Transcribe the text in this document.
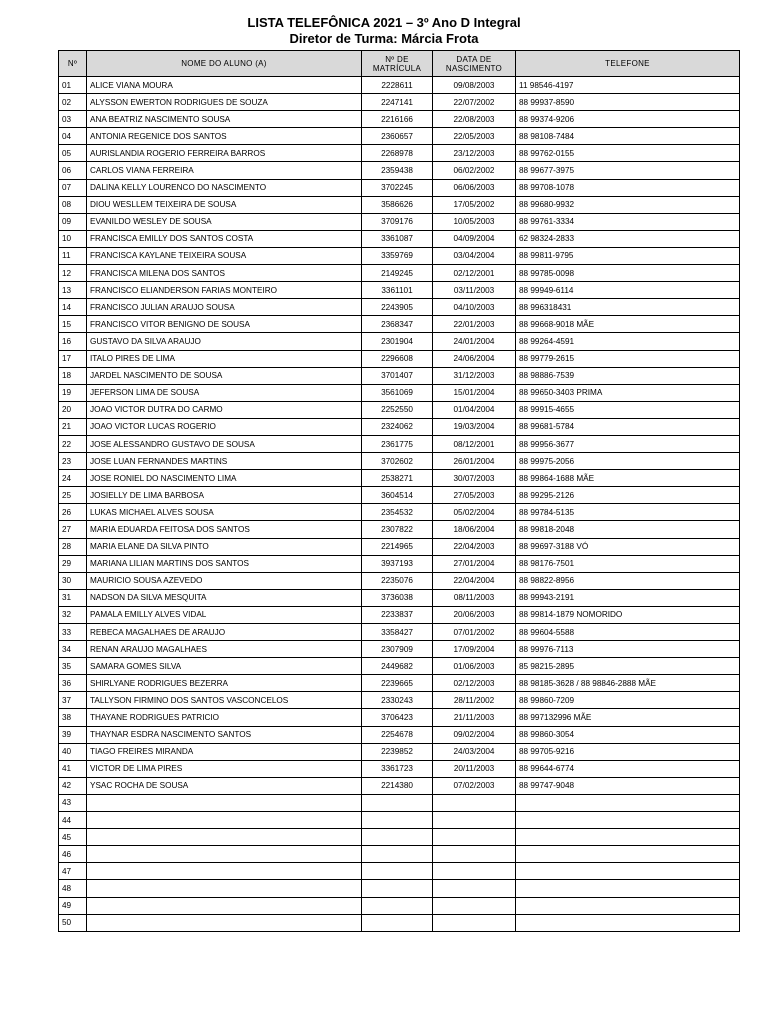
LISTA TELEFÔNICA 2021 – 3º Ano D Integral
Diretor de Turma: Márcia Frota
Nº	NOME DO ALUNO (A)	Nº DE MATRÍCULA	DATA DE NASCIMENTO	TELEFONE
01	ALICE VIANA MOURA	2228611	09/08/2003	11 98546-4197
02	ALYSSON EWERTON RODRIGUES DE SOUZA	2247141	22/07/2002	88 99937-8590
03	ANA BEATRIZ NASCIMENTO SOUSA	2216166	22/08/2003	88 99374-9206
04	ANTONIA REGENICE DOS SANTOS	2360657	22/05/2003	88 98108-7484
05	AURISLANDIA ROGERIO FERREIRA BARROS	2268978	23/12/2003	88 99762-0155
06	CARLOS VIANA FERREIRA	2359438	06/02/2002	88 99677-3975
07	DALINA KELLY LOURENCO DO NASCIMENTO	3702245	06/06/2003	88 99708-1078
08	DIOU WESLLEM TEIXEIRA DE SOUSA	3586626	17/05/2002	88 99680-9932
09	EVANILDO WESLEY DE SOUSA	3709176	10/05/2003	88 99761-3334
10	FRANCISCA EMILLY DOS SANTOS COSTA	3361087	04/09/2004	62 98324-2833
11	FRANCISCA KAYLANE TEIXEIRA SOUSA	3359769	03/04/2004	88 99811-9795
12	FRANCISCA MILENA DOS SANTOS	2149245	02/12/2001	88 99785-0098
13	FRANCISCO ELIANDERSON FARIAS MONTEIRO	3361101	03/11/2003	88 99949-6114
14	FRANCISCO JULIAN ARAUJO SOUSA	2243905	04/10/2003	88 996318431
15	FRANCISCO VITOR BENIGNO DE SOUSA	2368347	22/01/2003	88 99668-9018 MÃE
16	GUSTAVO DA SILVA ARAUJO	2301904	24/01/2004	88 99264-4591
17	ITALO PIRES DE LIMA	2296608	24/06/2004	88 99779-2615
18	JARDEL NASCIMENTO DE SOUSA	3701407	31/12/2003	88 98886-7539
19	JEFERSON LIMA DE SOUSA	3561069	15/01/2004	88 99650-3403 PRIMA
20	JOAO VICTOR DUTRA DO CARMO	2252550	01/04/2004	88 99915-4655
21	JOAO VICTOR LUCAS ROGERIO	2324062	19/03/2004	88 99681-5784
22	JOSE ALESSANDRO GUSTAVO DE SOUSA	2361775	08/12/2001	88 99956-3677
23	JOSE LUAN FERNANDES MARTINS	3702602	26/01/2004	88 99975-2056
24	JOSE RONIEL DO NASCIMENTO LIMA	2538271	30/07/2003	88 99864-1688 MÃE
25	JOSIELLY DE LIMA BARBOSA	3604514	27/05/2003	88 99295-2126
26	LUKAS MICHAEL ALVES SOUSA	2354532	05/02/2004	88 99784-5135
27	MARIA EDUARDA FEITOSA DOS SANTOS	2307822	18/06/2004	88 99818-2048
28	MARIA ELANE DA SILVA PINTO	2214965	22/04/2003	88 99697-3188 VÓ
29	MARIANA LILIAN MARTINS DOS SANTOS	3937193	27/01/2004	88 98176-7501
30	MAURICIO SOUSA AZEVEDO	2235076	22/04/2004	88 98822-8956
31	NADSON DA SILVA MESQUITA	3736038	08/11/2003	88 99943-2191
32	PAMALA EMILLY ALVES VIDAL	2233837	20/06/2003	88 99814-1879 NOMORIDO
33	REBECA MAGALHAES DE ARAUJO	3358427	07/01/2002	88 99604-5588
34	RENAN ARAUJO MAGALHAES	2307909	17/09/2004	88 99976-7113
35	SAMARA GOMES SILVA	2449682	01/06/2003	85 98215-2895
36	SHIRLYANE RODRIGUES BEZERRA	2239665	02/12/2003	88 98185-3628 / 88 98846-2888 MÃE
37	TALLYSON FIRMINO DOS SANTOS VASCONCELOS	2330243	28/11/2002	88 99860-7209
38	THAYANE RODRIGUES PATRICIO	3706423	21/11/2003	88 997132996 MÃE
39	THAYNAR ESDRA NASCIMENTO SANTOS	2254678	09/02/2004	88 99860-3054
40	TIAGO FREIRES MIRANDA	2239852	24/03/2004	88 99705-9216
41	VICTOR DE LIMA PIRES	3361723	20/11/2003	88 99644-6774
42	YSAC ROCHA DE SOUSA	2214380	07/02/2003	88 99747-9048
43				
44				
45				
46				
47				
48				
49				
50				
